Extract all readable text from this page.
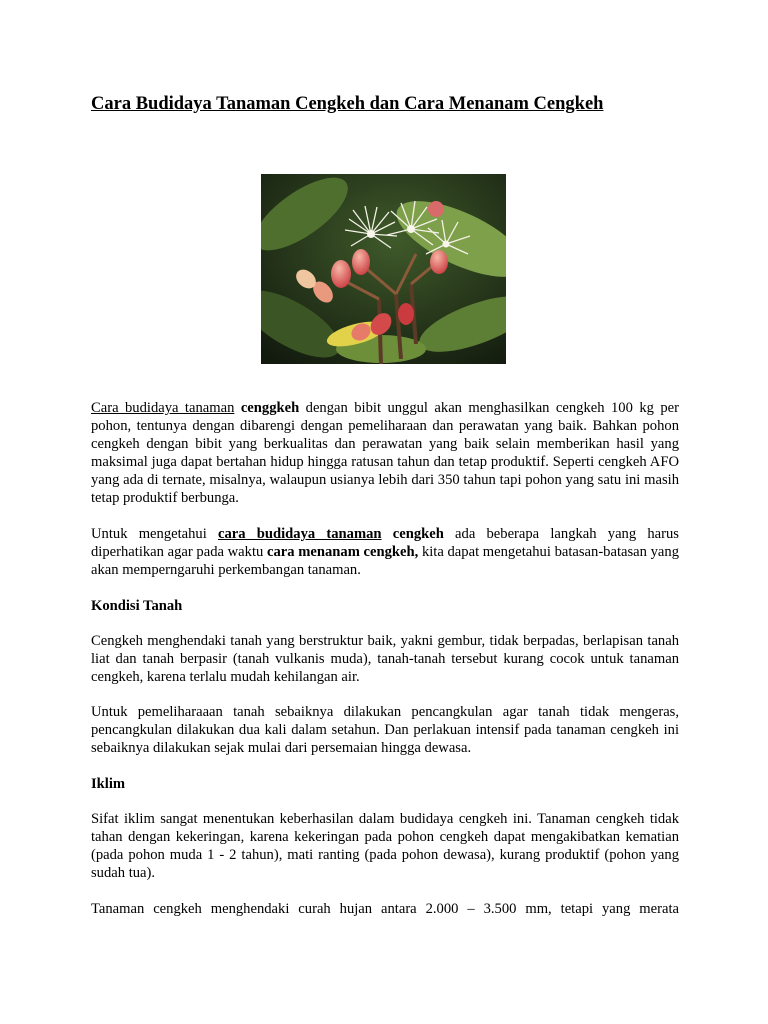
Cara Budidaya Tanaman Cengkeh dan Cara Menanam Cengkeh

Cara budidaya tanaman cenggkeh dengan bibit unggul akan menghasilkan cengkeh 100 kg per pohon, tentunya dengan dibarengi dengan pemeliharaan dan perawatan yang baik. Bahkan pohon cengkeh dengan bibit yang berkualitas dan perawatan yang baik selain memberikan hasil yang maksimal juga dapat bertahan hidup hingga ratusan tahun dan tetap produktif. Seperti cengkeh AFO yang ada di ternate, misalnya, walaupun usianya lebih dari 350 tahun tapi pohon yang satu ini masih tetap produktif berbunga.

Untuk mengetahui cara budidaya tanaman cengkeh ada beberapa langkah yang harus diperhatikan agar pada waktu cara menanam cengkeh, kita dapat mengetahui batasan-batasan yang akan memperngaruhi perkembangan tanaman.

Kondisi Tanah

Cengkeh menghendaki tanah yang berstruktur baik, yakni gembur, tidak berpadas, berlapisan tanah liat dan tanah berpasir (tanah vulkanis muda), tanah-tanah tersebut kurang cocok untuk tanaman cengkeh, karena terlalu mudah kehilangan air.

Untuk pemeliharaaan tanah sebaiknya dilakukan pencangkulan agar tanah tidak mengeras, pencangkulan dilakukan dua kali dalam setahun. Dan perlakuan intensif pada tanaman cengkeh ini sebaiknya dilakukan sejak mulai dari persemaian hingga dewasa.

Iklim

Sifat iklim sangat menentukan keberhasilan dalam budidaya cengkeh ini. Tanaman cengkeh tidak tahan dengan kekeringan, karena kekeringan pada pohon cengkeh dapat mengakibatkan kematian (pada pohon muda 1 - 2 tahun), mati ranting (pada pohon dewasa), kurang produktif (pohon yang sudah tua).

Tanaman cengkeh menghendaki curah hujan antara 2.000 – 3.500 mm, tetapi yang merata
